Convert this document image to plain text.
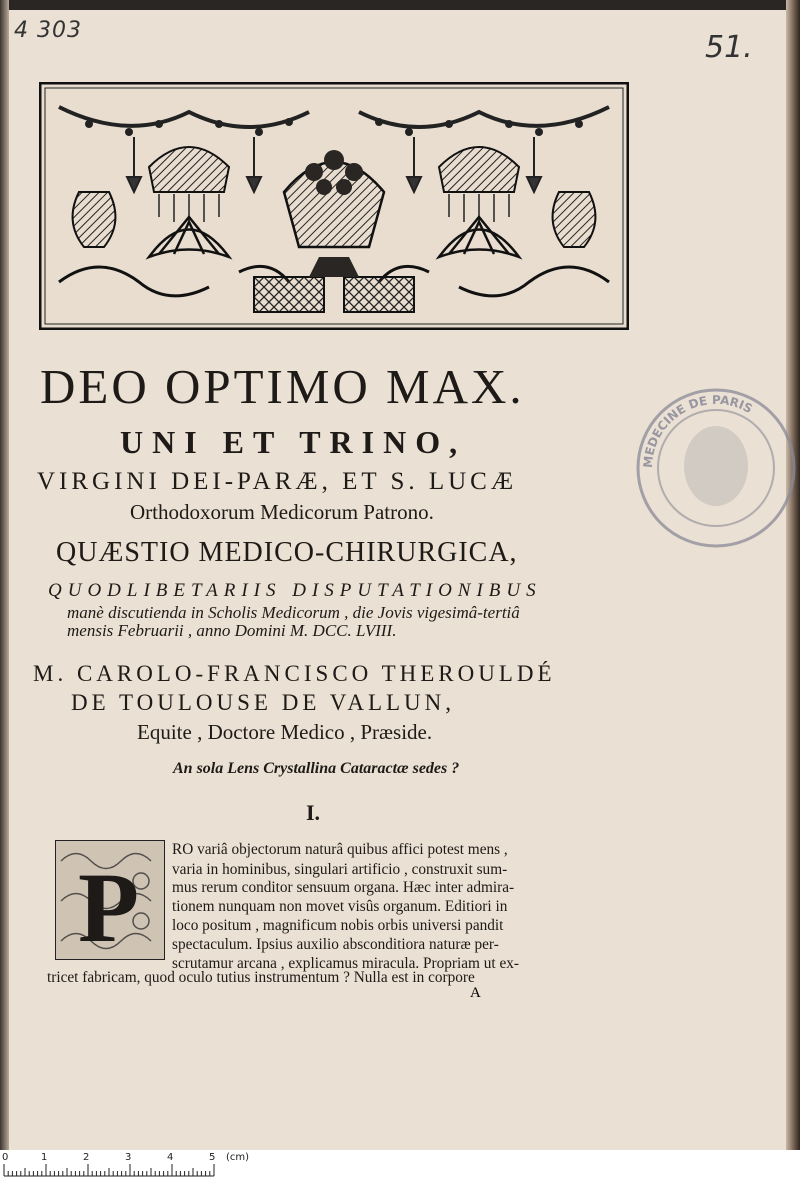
4 303	51.
MEDECINE DE PARIS
DEO OPTIMO MAX.
UNI ET TRINO,
VIRGINI DEI-PARÆ, ET S. LUCÆ
Orthodoxorum Medicorum Patrono.
QUÆSTIO MEDICO-CHIRURGICA,
QUODLIBETARIIS DISPUTATIONIBUS
manè discutienda in Scholis Medicorum , die Jovis vigesimâ-tertiâ
mensis Februarii , anno Domini M. DCC. LVIII.
M. CAROLO-FRANCISCO THEROULDÉ
DE TOULOUSE DE VALLUN,
Equite , Doctore Medico , Præside.
An sola Lens Crystallina Cataractæ sedes ?
I.
P
RO variâ objectorum naturâ quibus affici potest mens ,
varia in hominibus, singulari artificio , construxit sum-
mus rerum conditor sensuum organa. Hæc inter admira-
tionem nunquam non movet visûs organum. Editiori in
loco positum , magnificum nobis orbis universi pandit
spectaculum. Ipsius auxilio absconditiora naturæ per-
scrutamur arcana , explicamus miracula. Propriam ut ex-
tricet fabricam, quod oculo tutius instrumentum ? Nulla est in corpore
A
0	1	2	3	4	5 (cm)
